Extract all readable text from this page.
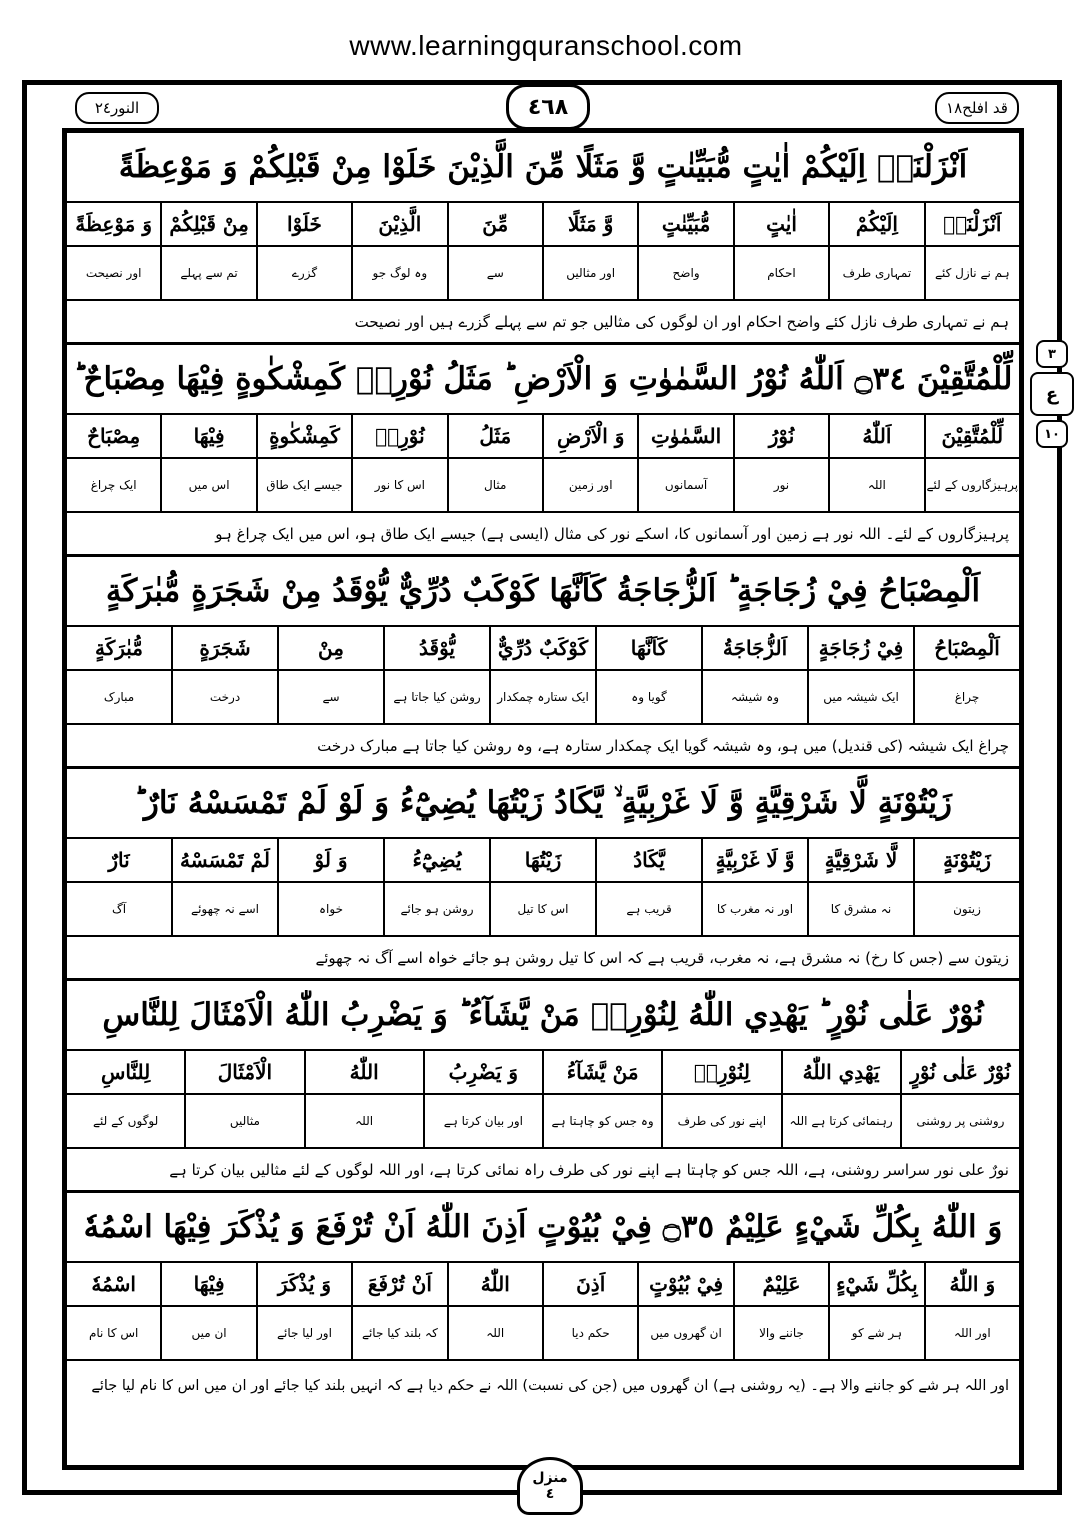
www.learningquranschool.com
النور٢٤	٤٦٨	قد افلح١٨
٣
ع
١٠
اَنْزَلْنَاۤ اِلَيْكُمْ اٰيٰتٍ مُّبَيِّنٰتٍ وَّ مَثَلًا مِّنَ الَّذِيْنَ خَلَوْا مِنْ قَبْلِكُمْ وَ مَوْعِظَةً
اَنْزَلْنَاۤ
اِلَيْكُمْ
اٰيٰتٍ
مُّبَيِّنٰتٍ
وَّ مَثَلًا
مِّنَ
الَّذِيْنَ
خَلَوْا
مِنْ قَبْلِكُمْ
وَ مَوْعِظَةً
ہم نے نازل کئے
تمہاری طرف
احکام
واضح
اور مثالیں
سے
وہ لوگ جو
گزرے
تم سے پہلے
اور نصیحت
ہم نے تمہاری طرف نازل کئے واضح احکام اور ان لوگوں کی مثالیں جو تم سے پہلے گزرے ہیں اور نصیحت
لِّلْمُتَّقِيْنَ ۝٣٤ اَللّٰهُ نُوْرُ السَّمٰوٰتِ وَ الْاَرْضِ ؕ مَثَلُ نُوْرِهٖ كَمِشْكٰوةٍ فِيْهَا مِصْبَاحٌ ؕ
لِّلْمُتَّقِيْنَ
اَللّٰهُ
نُوْرُ
السَّمٰوٰتِ
وَ الْاَرْضِ
مَثَلُ
نُوْرِهٖ
كَمِشْكٰوةٍ
فِيْهَا
مِصْبَاحٌ
پرہیزگاروں کے لئے
اللہ
نور
آسمانوں
اور زمین
مثال
اس کا نور
جیسے ایک طاق
اس میں
ایک چراغ
پرہیزگاروں کے لئے۔ اللہ نور ہے زمین اور آسمانوں کا، اسکے نور کی مثال (ایسی ہے) جیسے ایک طاق ہو، اس میں ایک چراغ ہو
اَلْمِصْبَاحُ فِيْ زُجَاجَةٍ ؕ اَلزُّجَاجَةُ كَاَنَّهَا كَوْكَبٌ دُرِّيٌّ يُّوْقَدُ مِنْ شَجَرَةٍ مُّبٰرَكَةٍ
اَلْمِصْبَاحُ
فِيْ زُجَاجَةٍ
اَلزُّجَاجَةُ
كَاَنَّهَا
كَوْكَبٌ دُرِّيٌّ
يُّوْقَدُ
مِنْ
شَجَرَةٍ
مُّبٰرَكَةٍ
چراغ
ایک شیشہ میں
وہ شیشہ
گویا وہ
ایک ستارہ چمکدار
روشن کیا جاتا ہے
سے
درخت
مبارک
چراغ ایک شیشہ (کی قندیل) میں ہو، وہ شیشہ گویا ایک چمکدار ستارہ ہے، وہ روشن کیا جاتا ہے مبارک درخت
زَيْتُوْنَةٍ لَّا شَرْقِيَّةٍ وَّ لَا غَرْبِيَّةٍ ۙ يَّكَادُ زَيْتُهَا يُضِيْٓءُ وَ لَوْ لَمْ تَمْسَسْهُ نَارٌ ؕ
زَيْتُوْنَةٍ
لَّا شَرْقِيَّةٍ
وَّ لَا غَرْبِيَّةٍ
يَّكَادُ
زَيْتُهَا
يُضِيْٓءُ
وَ لَوْ
لَمْ تَمْسَسْهُ
نَارٌ
زیتون
نہ مشرق کا
اور نہ مغرب کا
قریب ہے
اس کا تیل
روشن ہو جائے
خواہ
اسے نہ چھوئے
آگ
زیتون سے (جس کا رخ) نہ مشرق ہے، نہ مغرب، قریب ہے کہ اس کا تیل روشن ہو جائے خواہ اسے آگ نہ چھوئے
نُوْرٌ عَلٰى نُوْرٍ ؕ يَهْدِي اللّٰهُ لِنُوْرِهٖ مَنْ يَّشَآءُ ؕ وَ يَضْرِبُ اللّٰهُ الْاَمْثَالَ لِلنَّاسِ
نُوْرٌ عَلٰى نُوْرٍ
يَهْدِي اللّٰهُ
لِنُوْرِهٖ
مَنْ يَّشَآءُ
وَ يَضْرِبُ
اللّٰهُ
الْاَمْثَالَ
لِلنَّاسِ
روشنی پر روشنی
رہنمائی کرتا ہے اللہ
اپنے نور کی طرف
وہ جس کو چاہتا ہے
اور بیان کرتا ہے
اللہ
مثالیں
لوگوں کے لئے
نورٌ علی نور سراسر روشنی، ہے، اللہ جس کو چاہتا ہے اپنے نور کی طرف راہ نمائی کرتا ہے، اور اللہ لوگوں کے لئے مثالیں بیان کرتا ہے
وَ اللّٰهُ بِكُلِّ شَيْءٍ عَلِيْمٌ ۝٣٥ فِيْ بُيُوْتٍ اَذِنَ اللّٰهُ اَنْ تُرْفَعَ وَ يُذْكَرَ فِيْهَا اسْمُهٗ
وَ اللّٰهُ
بِكُلِّ شَيْءٍ
عَلِيْمٌ
فِيْ بُيُوْتٍ
اَذِنَ
اللّٰهُ
اَنْ تُرْفَعَ
وَ يُذْكَرَ
فِيْهَا
اسْمُهٗ
اور اللہ
ہر شے کو
جاننے والا
ان گھروں میں
حکم دیا
اللہ
کہ بلند کیا جائے
اور لیا جائے
ان میں
اس کا نام
اور اللہ ہر شے کو جاننے والا ہے۔ (یہ روشنی ہے) ان گھروں میں (جن کی نسبت) اللہ نے حکم دیا ہے کہ انہیں بلند کیا جائے اور ان میں اس کا نام لیا جائے
منزل
٤
